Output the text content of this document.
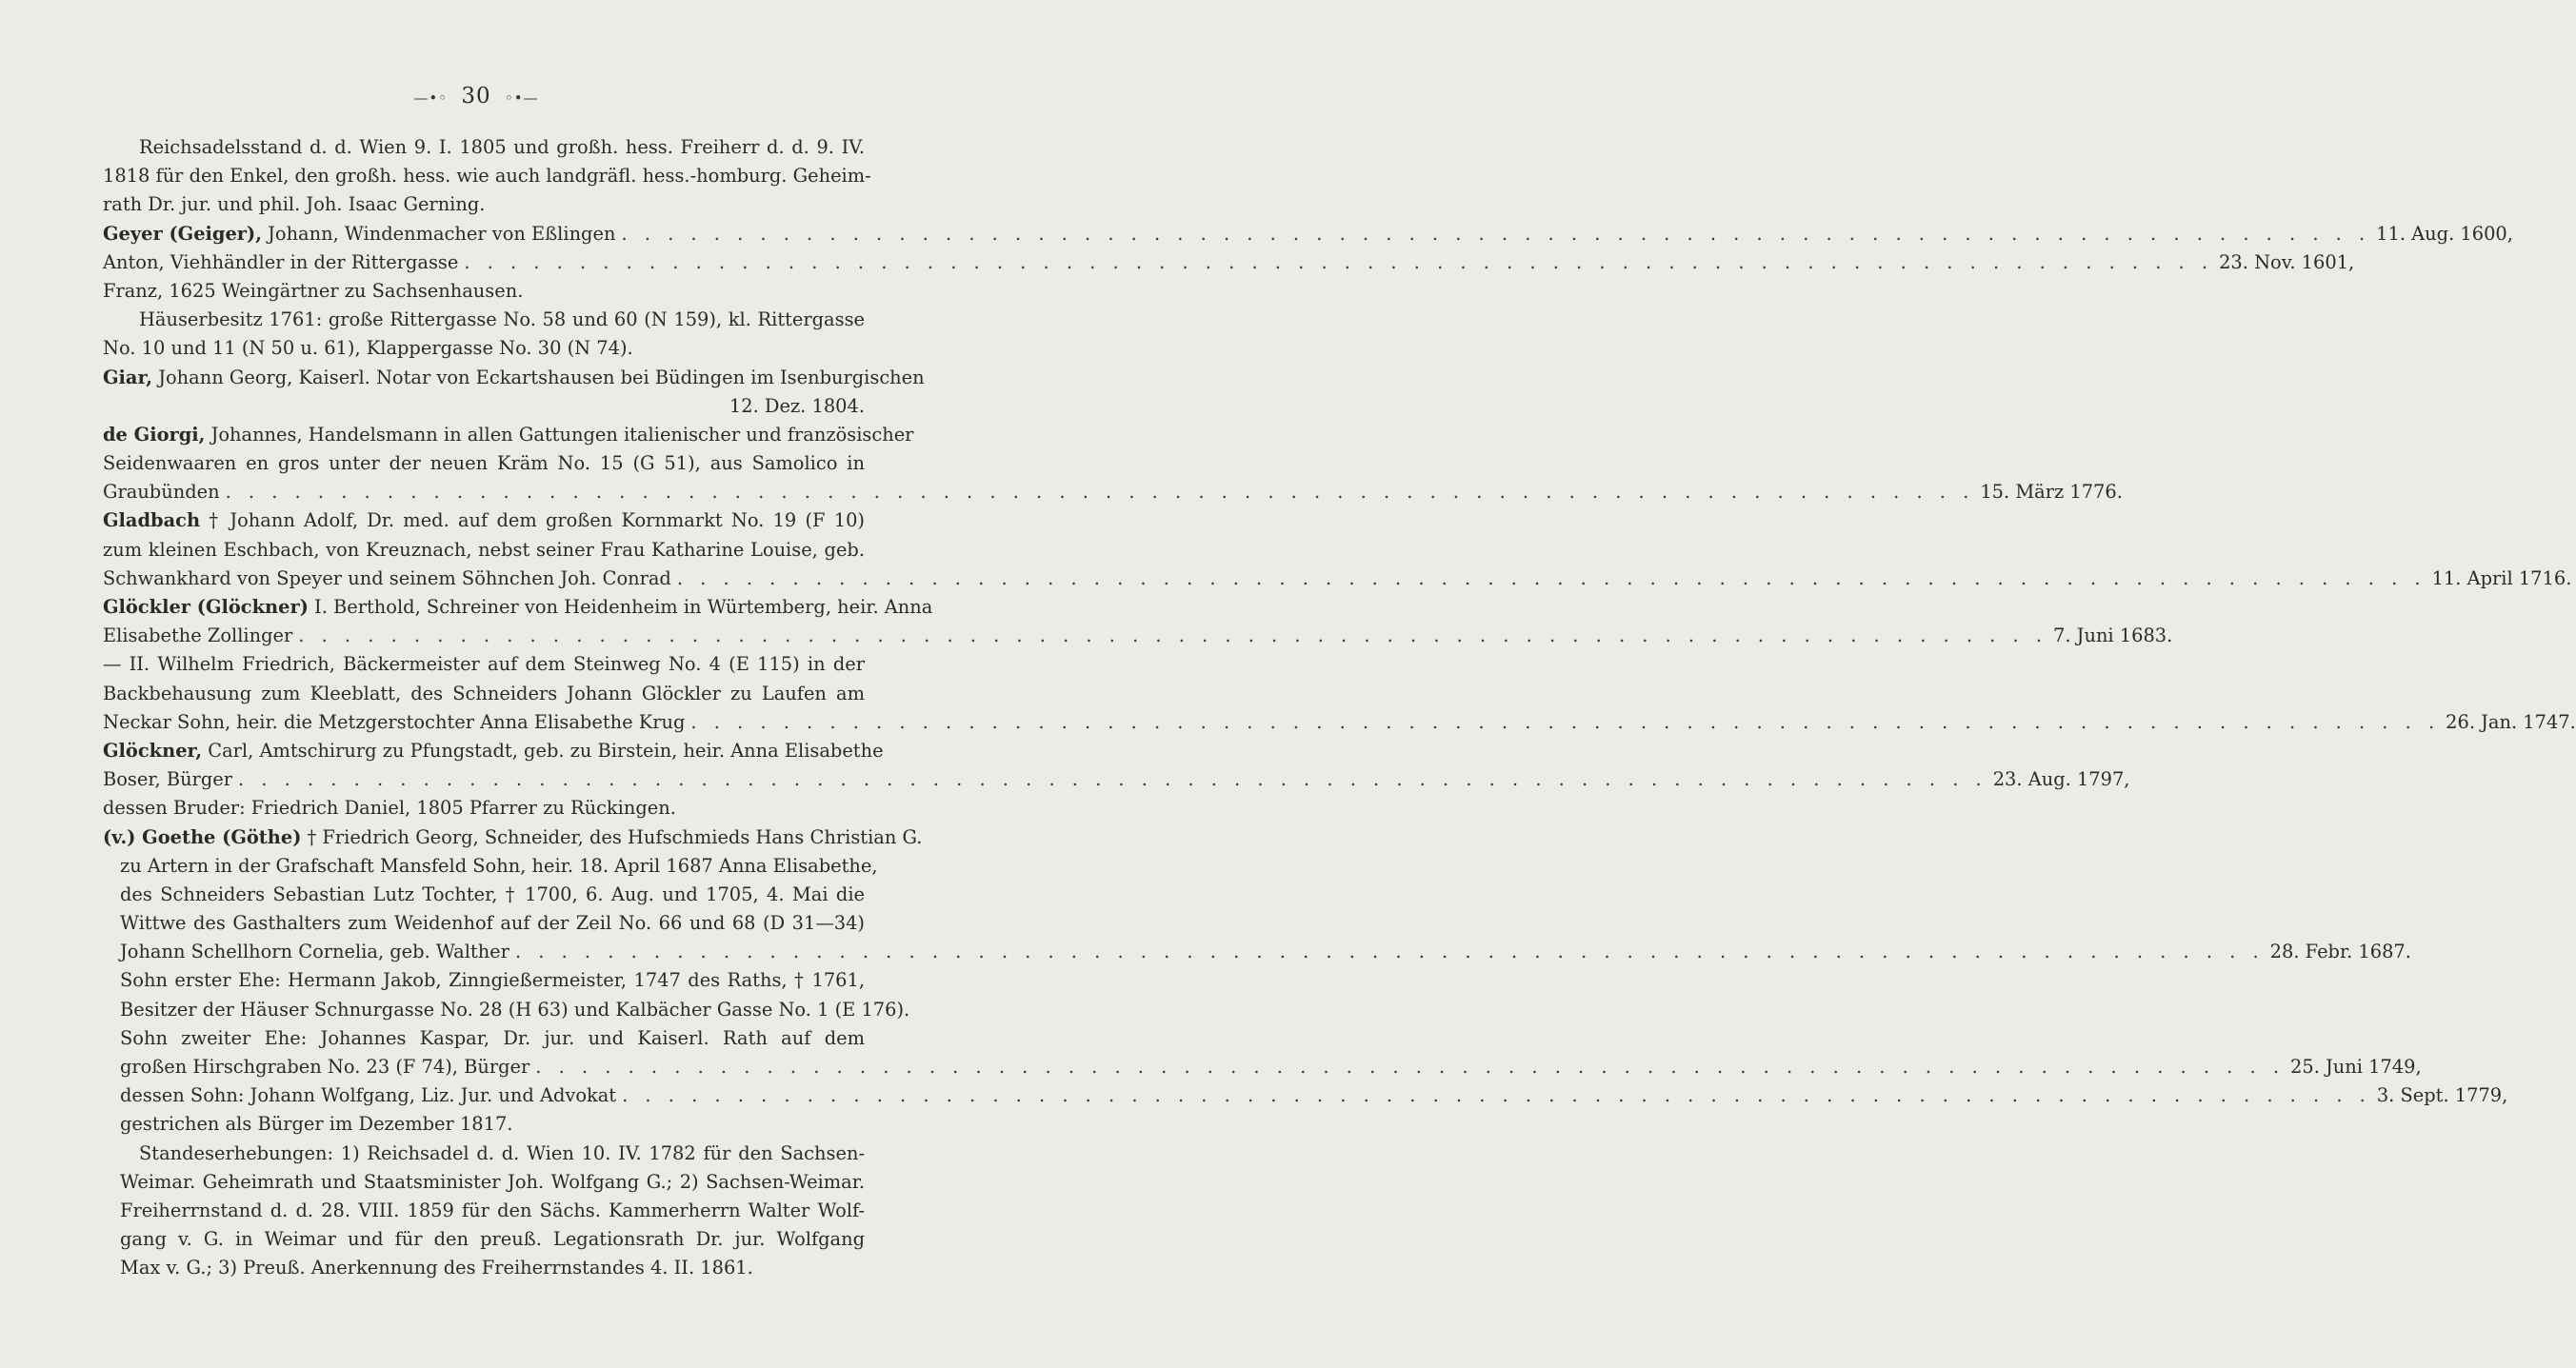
—•◦ 30 ◦•—
Reichsadelsstand d. d. Wien 9. I. 1805 und großh. hess. Freiherr d. d. 9. IV.
1818 für den Enkel, den großh. hess. wie auch landgräfl. hess.-homburg. Geheim-
rath Dr. jur. und phil. Joh. Isaac Gerning.
Geyer (Geiger), Johann, Windenmacher von Eßlingen . . .	11. Aug. 1600,
Anton, Viehhändler in der Rittergasse . . .	23. Nov. 1601,
Franz, 1625 Weingärtner zu Sachsenhausen.
Häuserbesitz 1761: große Rittergasse No. 58 und 60 (N 159), kl. Rittergasse
No. 10 und 11 (N 50 u. 61), Klappergasse No. 30 (N 74).
Giar, Johann Georg, Kaiserl. Notar von Eckartshausen bei Büdingen im Isenburgischen
12. Dez. 1804.
de Giorgi, Johannes, Handelsmann in allen Gattungen italienischer und französischer
Seidenwaaren en gros unter der neuen Kräm No. 15 (G 51), aus Samolico in
Graubünden . . .	15. März 1776.
Gladbach † Johann Adolf, Dr. med. auf dem großen Kornmarkt No. 19 (F 10)
zum kleinen Eschbach, von Kreuznach, nebst seiner Frau Katharine Louise, geb.
Schwankhard von Speyer und seinem Söhnchen Joh. Conrad . . .	11. April 1716.
Glöckler (Glöckner) I. Berthold, Schreiner von Heidenheim in Würtemberg, heir. Anna
Elisabethe Zollinger . . .	7. Juni 1683.
— II. Wilhelm Friedrich, Bäckermeister auf dem Steinweg No. 4 (E 115) in der
Backbehausung zum Kleeblatt, des Schneiders Johann Glöckler zu Laufen am
Neckar Sohn, heir. die Metzgerstochter Anna Elisabethe Krug . . .	26. Jan. 1747.
Glöckner, Carl, Amtschirurg zu Pfungstadt, geb. zu Birstein, heir. Anna Elisabethe
Boser, Bürger . . .	23. Aug. 1797,
dessen Bruder: Friedrich Daniel, 1805 Pfarrer zu Rückingen.
(v.) Goethe (Göthe) † Friedrich Georg, Schneider, des Hufschmieds Hans Christian G.
zu Artern in der Grafschaft Mansfeld Sohn, heir. 18. April 1687 Anna Elisabethe,
des Schneiders Sebastian Lutz Tochter, † 1700, 6. Aug. und 1705, 4. Mai die
Wittwe des Gasthalters zum Weidenhof auf der Zeil No. 66 und 68 (D 31—34)
Johann Schellhorn Cornelia, geb. Walther . . .	28. Febr. 1687.
Sohn erster Ehe: Hermann Jakob, Zinngießermeister, 1747 des Raths, † 1761,
Besitzer der Häuser Schnurgasse No. 28 (H 63) und Kalbächer Gasse No. 1 (E 176).
Sohn zweiter Ehe: Johannes Kaspar, Dr. jur. und Kaiserl. Rath auf dem
großen Hirschgraben No. 23 (F 74), Bürger . . .	25. Juni 1749,
dessen Sohn: Johann Wolfgang, Liz. Jur. und Advokat . . .	3. Sept. 1779,
gestrichen als Bürger im Dezember 1817.
Standeserhebungen: 1) Reichsadel d. d. Wien 10. IV. 1782 für den Sachsen-
Weimar. Geheimrath und Staatsminister Joh. Wolfgang G.; 2) Sachsen-Weimar.
Freiherrnstand d. d. 28. VIII. 1859 für den Sächs. Kammerherrn Walter Wolf-
gang v. G. in Weimar und für den preuß. Legationsrath Dr. jur. Wolfgang
Max v. G.; 3) Preuß. Anerkennung des Freiherrnstandes 4. II. 1861.
